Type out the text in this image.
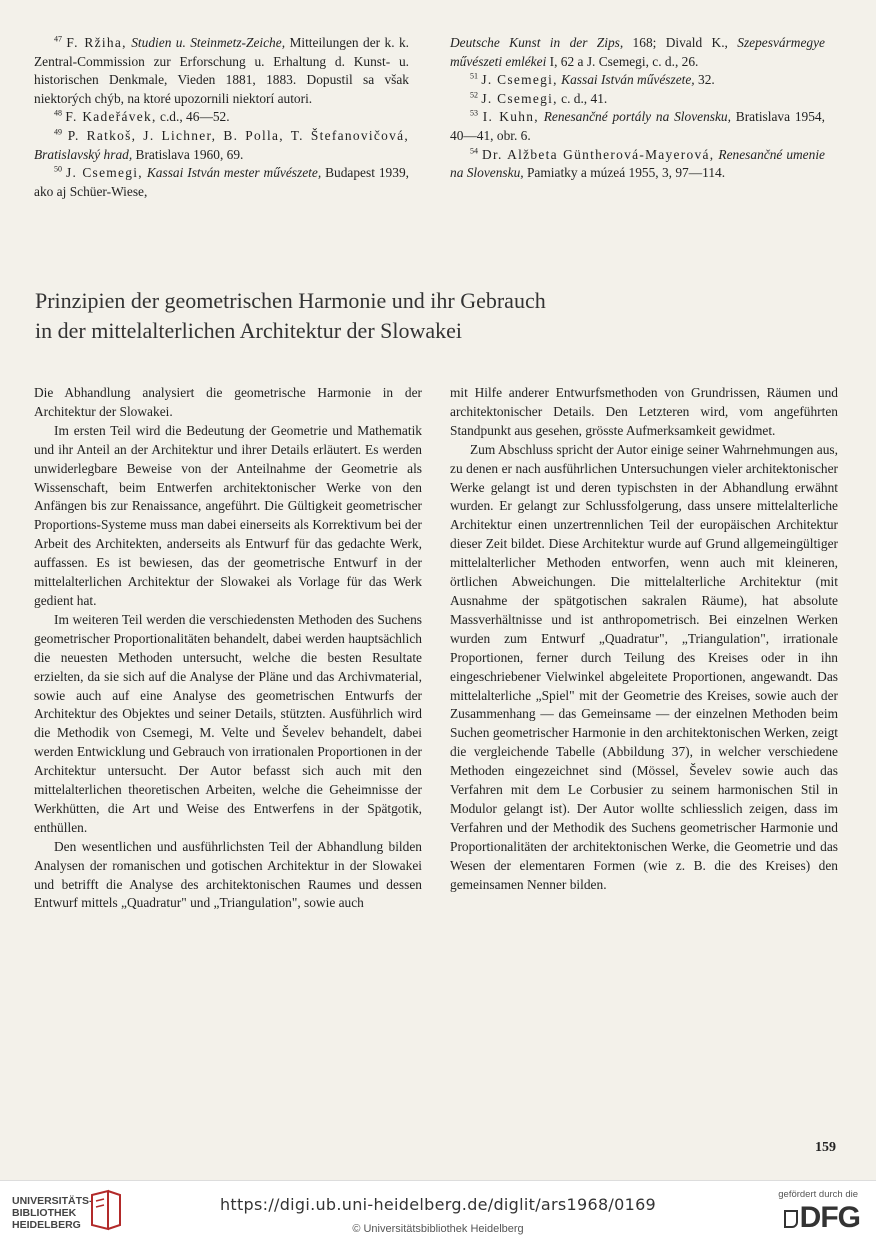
$^{47}$ F. Ržiha, Studien u. Steinmetz-Zeiche, Mitteilungen der k. k. Zentral-Commission zur Erforschung u. Erhaltung d. Kunst- u. historischen Denkmale, Vieden 1881, 1883. Dopustil sa však niektorých chýb, na ktoré upozornili niektorí autori.

$^{48}$ F. Kadeřávek, c.d., 46—52.

$^{49}$ P. Ratkoš, J. Lichner, B. Polla, T. Štefanovičová, Bratislavský hrad, Bratislava 1960, 69.

$^{50}$ J. Csemegi, Kassai István mester művészete, Budapest 1939, ako aj Schüer-Wiese,

Deutsche Kunst in der Zips, 168; Divald K., Szepesvármegye művészeti emlékei I, 62 a J. Csemegi, c. d., 26.

$^{51}$ J. Csemegi, Kassai István művészete, 32.

$^{52}$ J. Csemegi, c. d., 41.

$^{53}$ I. Kuhn, Renesančné portály na Slovensku, Bratislava 1954, 40—41, obr. 6.

$^{54}$ Dr. Alžbeta Güntherová-Mayerová, Renesančné umenie na Slovensku, Pamiatky a múzeá 1955, 3, 97—114.

Prinzipien der geometrischen Harmonie und ihr Gebrauch
in der mittelalterlichen Architektur der Slowakei

Die Abhandlung analysiert die geometrische Harmonie in der Architektur der Slowakei.

Im ersten Teil wird die Bedeutung der Geometrie und Mathematik und ihr Anteil an der Architektur und ihrer Details erläutert. Es werden unwiderlegbare Beweise von der Anteilnahme der Geometrie als Wissenschaft, beim Entwerfen architektonischer Werke von den Anfängen bis zur Renaissance, angeführt. Die Gültigkeit geometrischer Proportions-Systeme muss man dabei einerseits als Korrektivum bei der Arbeit des Architekten, anderseits als Entwurf für das gedachte Werk, auffassen. Es ist bewiesen, das der geometrische Entwurf in der mittelalterlichen Architektur der Slowakei als Vorlage für das Werk gedient hat.

Im weiteren Teil werden die verschiedensten Methoden des Suchens geometrischer Proportionalitäten behandelt, dabei werden hauptsächlich die neuesten Methoden untersucht, welche die besten Resultate erzielten, da sie sich auf die Analyse der Pläne und das Archivmaterial, sowie auch auf eine Analyse des geometrischen Entwurfs der Architektur des Objektes und seiner Details, stützten. Ausführlich wird die Methodik von Csemegi, M. Velte und Ševelev behandelt, dabei werden Entwicklung und Gebrauch von irrationalen Proportionen in der Architektur untersucht. Der Autor befasst sich auch mit den mittelalterlichen theoretischen Arbeiten, welche die Geheimnisse der Werkhütten, die Art und Weise des Entwerfens in der Spätgotik, enthüllen.

Den wesentlichen und ausführlichsten Teil der Abhandlung bilden Analysen der romanischen und gotischen Architektur in der Slowakei und betrifft die Analyse des architektonischen Raumes und dessen Entwurf mittels „Quadratur" und „Triangulation", sowie auch

mit Hilfe anderer Entwurfsmethoden von Grundrissen, Räumen und architektonischer Details. Den Letzteren wird, vom angeführten Standpunkt aus gesehen, grösste Aufmerksamkeit gewidmet.

Zum Abschluss spricht der Autor einige seiner Wahrnehmungen aus, zu denen er nach ausführlichen Untersuchungen vieler architektonischer Werke gelangt ist und deren typischsten in der Abhandlung erwähnt wurden. Er gelangt zur Schlussfolgerung, dass unsere mittelalterliche Architektur einen unzertrennlichen Teil der europäischen Architektur dieser Zeit bildet. Diese Architektur wurde auf Grund allgemeingültiger mittelalterlicher Methoden entworfen, wenn auch mit kleineren, örtlichen Abweichungen. Die mittelalterliche Architektur (mit Ausnahme der spätgotischen sakralen Räume), hat absolute Massverhältnisse und ist anthropometrisch. Bei einzelnen Werken wurden zum Entwurf „Quadratur", „Triangulation", irrationale Proportionen, ferner durch Teilung des Kreises oder in ihn eingeschriebener Vielwinkel abgeleitete Proportionen, angewandt. Das mittelalterliche „Spiel" mit der Geometrie des Kreises, sowie auch der Zusammenhang — das Gemeinsame — der einzelnen Methoden beim Suchen geometrischer Harmonie in den architektonischen Werken, zeigt die vergleichende Tabelle (Abbildung 37), in welcher verschiedene Methoden eingezeichnet sind (Mössel, Ševelev sowie auch das Verfahren mit dem Le Corbusier zu seinem harmonischen Stil in Modulor gelangt ist). Der Autor wollte schliesslich zeigen, dass im Verfahren und der Methodik des Suchens geometrischer Harmonie und Proportionalitäten der architektonischen Werke, die Geometrie und das Wesen der elementaren Formen (wie z. B. die des Kreises) den gemeinsamen Nenner bilden.

159
UNIVERSITÄTS-
BIBLIOTHEK
HEIDELBERG
https://digi.ub.uni-heidelberg.de/diglit/ars1968/0169
© Universitätsbibliothek Heidelberg
gefördert durch die
DFG
